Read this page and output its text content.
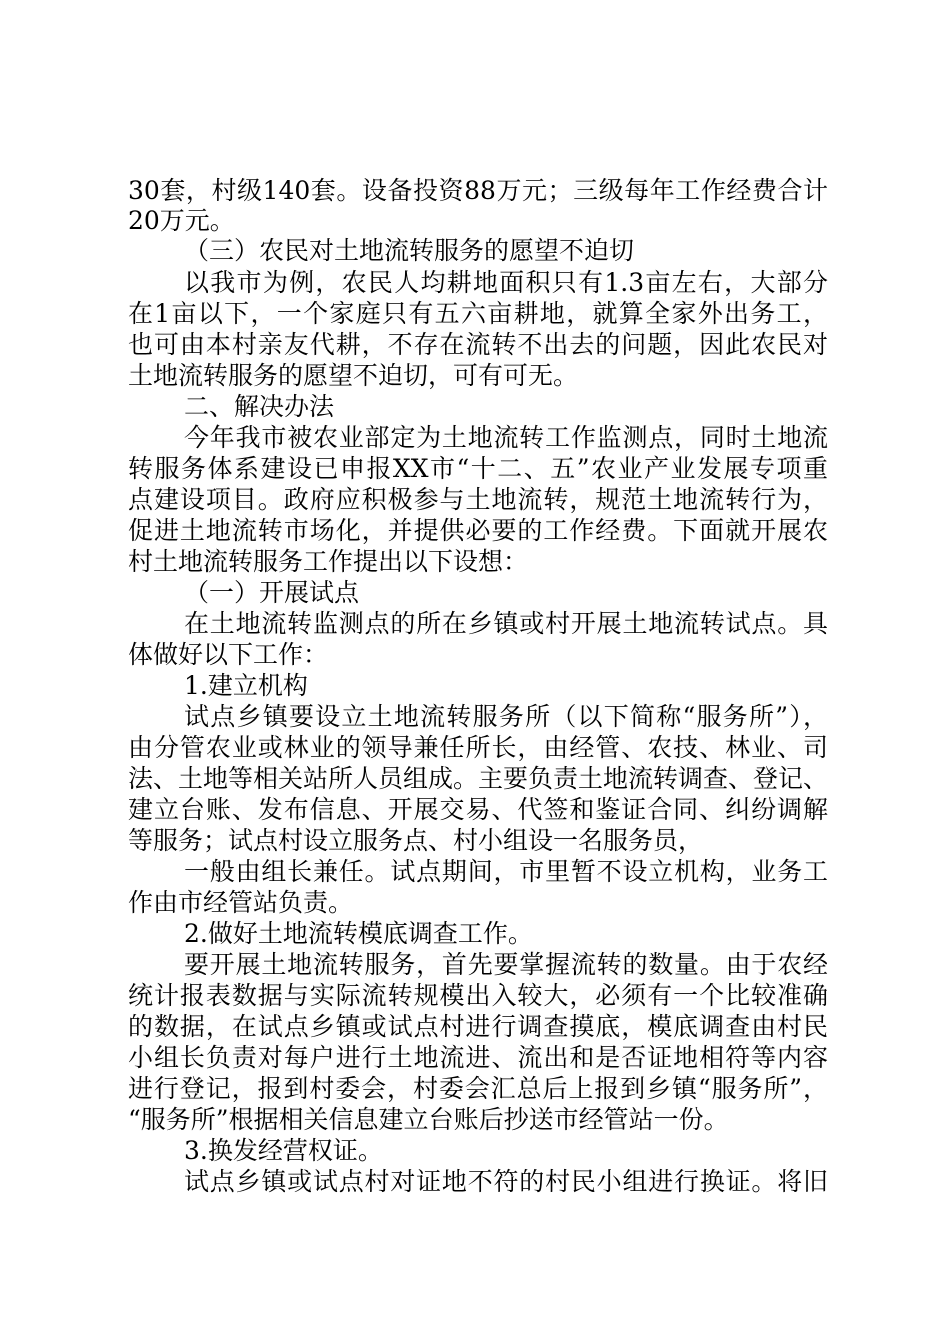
30套，村级140套。设备投资88万元；三级每年工作经费合计
20万元。
（三）农民对土地流转服务的愿望不迫切
以我市为例，农民人均耕地面积只有1.3亩左右，大部分
在1亩以下，一个家庭只有五六亩耕地，就算全家外出务工，
也可由本村亲友代耕，不存在流转不出去的问题，因此农民对
土地流转服务的愿望不迫切，可有可无。
二、解决办法
今年我市被农业部定为土地流转工作监测点，同时土地流
转服务体系建设已申报XX市“十二、五”农业产业发展专项重
点建设项目。政府应积极参与土地流转，规范土地流转行为，
促进土地流转市场化，并提供必要的工作经费。下面就开展农
村土地流转服务工作提出以下设想：
（一）开展试点
在土地流转监测点的所在乡镇或村开展土地流转试点。具
体做好以下工作：
1.建立机构
试点乡镇要设立土地流转服务所（以下简称“服务所”），
由分管农业或林业的领导兼任所长，由经管、农技、林业、司
法、土地等相关站所人员组成。主要负责土地流转调查、登记、
建立台账、发布信息、开展交易、代签和鉴证合同、纠纷调解
等服务；试点村设立服务点、村小组设一名服务员，
一般由组长兼任。试点期间，市里暂不设立机构，业务工
作由市经管站负责。
2.做好土地流转模底调查工作。
要开展土地流转服务，首先要掌握流转的数量。由于农经
统计报表数据与实际流转规模出入较大，必须有一个比较准确
的数据，在试点乡镇或试点村进行调查摸底，模底调查由村民
小组长负责对每户进行土地流进、流出和是否证地相符等内容
进行登记，报到村委会，村委会汇总后上报到乡镇“服务所”，
“服务所”根据相关信息建立台账后抄送市经管站一份。
3.换发经营权证。
试点乡镇或试点村对证地不符的村民小组进行换证。将旧
